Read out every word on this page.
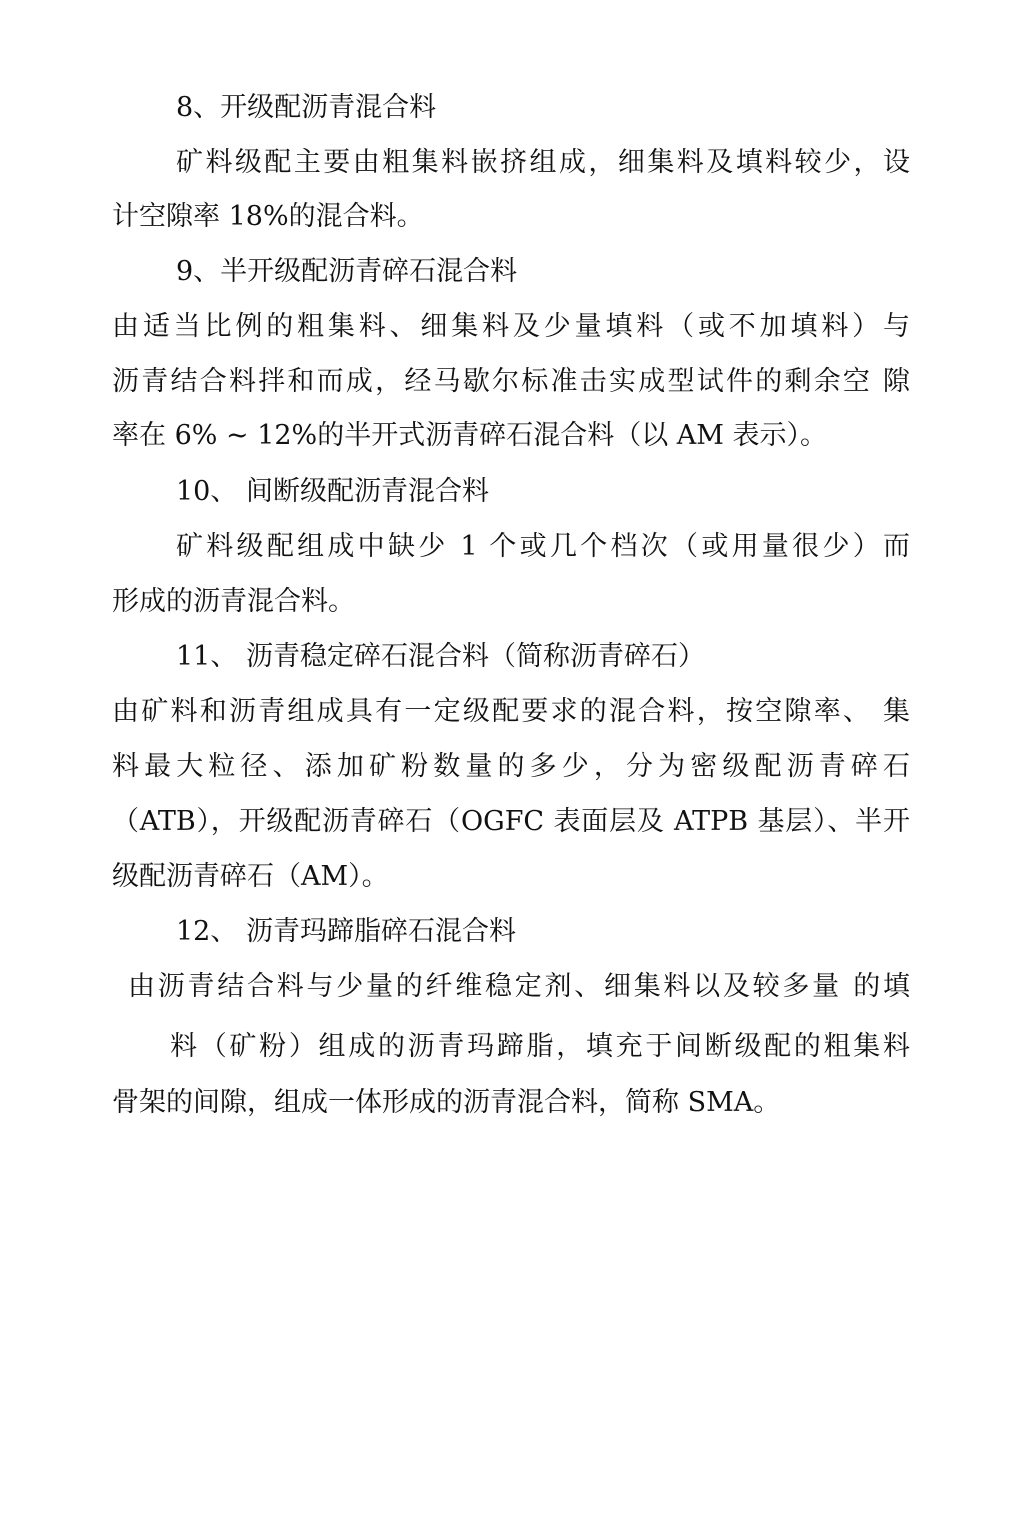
8、开级配沥青混合料
矿料级配主要由粗集料嵌挤组成，细集料及填料较少，设
计空隙率 18%的混合料。
9、半开级配沥青碎石混合料
由适当比例的粗集料、细集料及少量填料（或不加填料）与
沥青结合料拌和而成，经马歇尔标准击实成型试件的剩余空 隙
率在 6% ~ 12%的半开式沥青碎石混合料（以 AM 表示）。
10、 间断级配沥青混合料
矿料级配组成中缺少 1 个或几个档次（或用量很少）而
形成的沥青混合料。
11、 沥青稳定碎石混合料（简称沥青碎石）
由矿料和沥青组成具有一定级配要求的混合料，按空隙率、 集
料最大粒径、添加矿粉数量的多少，分为密级配沥青碎石
（ATB），开级配沥青碎石（OGFC 表面层及 ATPB 基层）、半开
级配沥青碎石（AM）。
12、 沥青玛蹄脂碎石混合料
由沥青结合料与少量的纤维稳定剂、细集料以及较多量 的填
料（矿粉）组成的沥青玛蹄脂，填充于间断级配的粗集料
骨架的间隙，组成一体形成的沥青混合料，简称 SMA。
